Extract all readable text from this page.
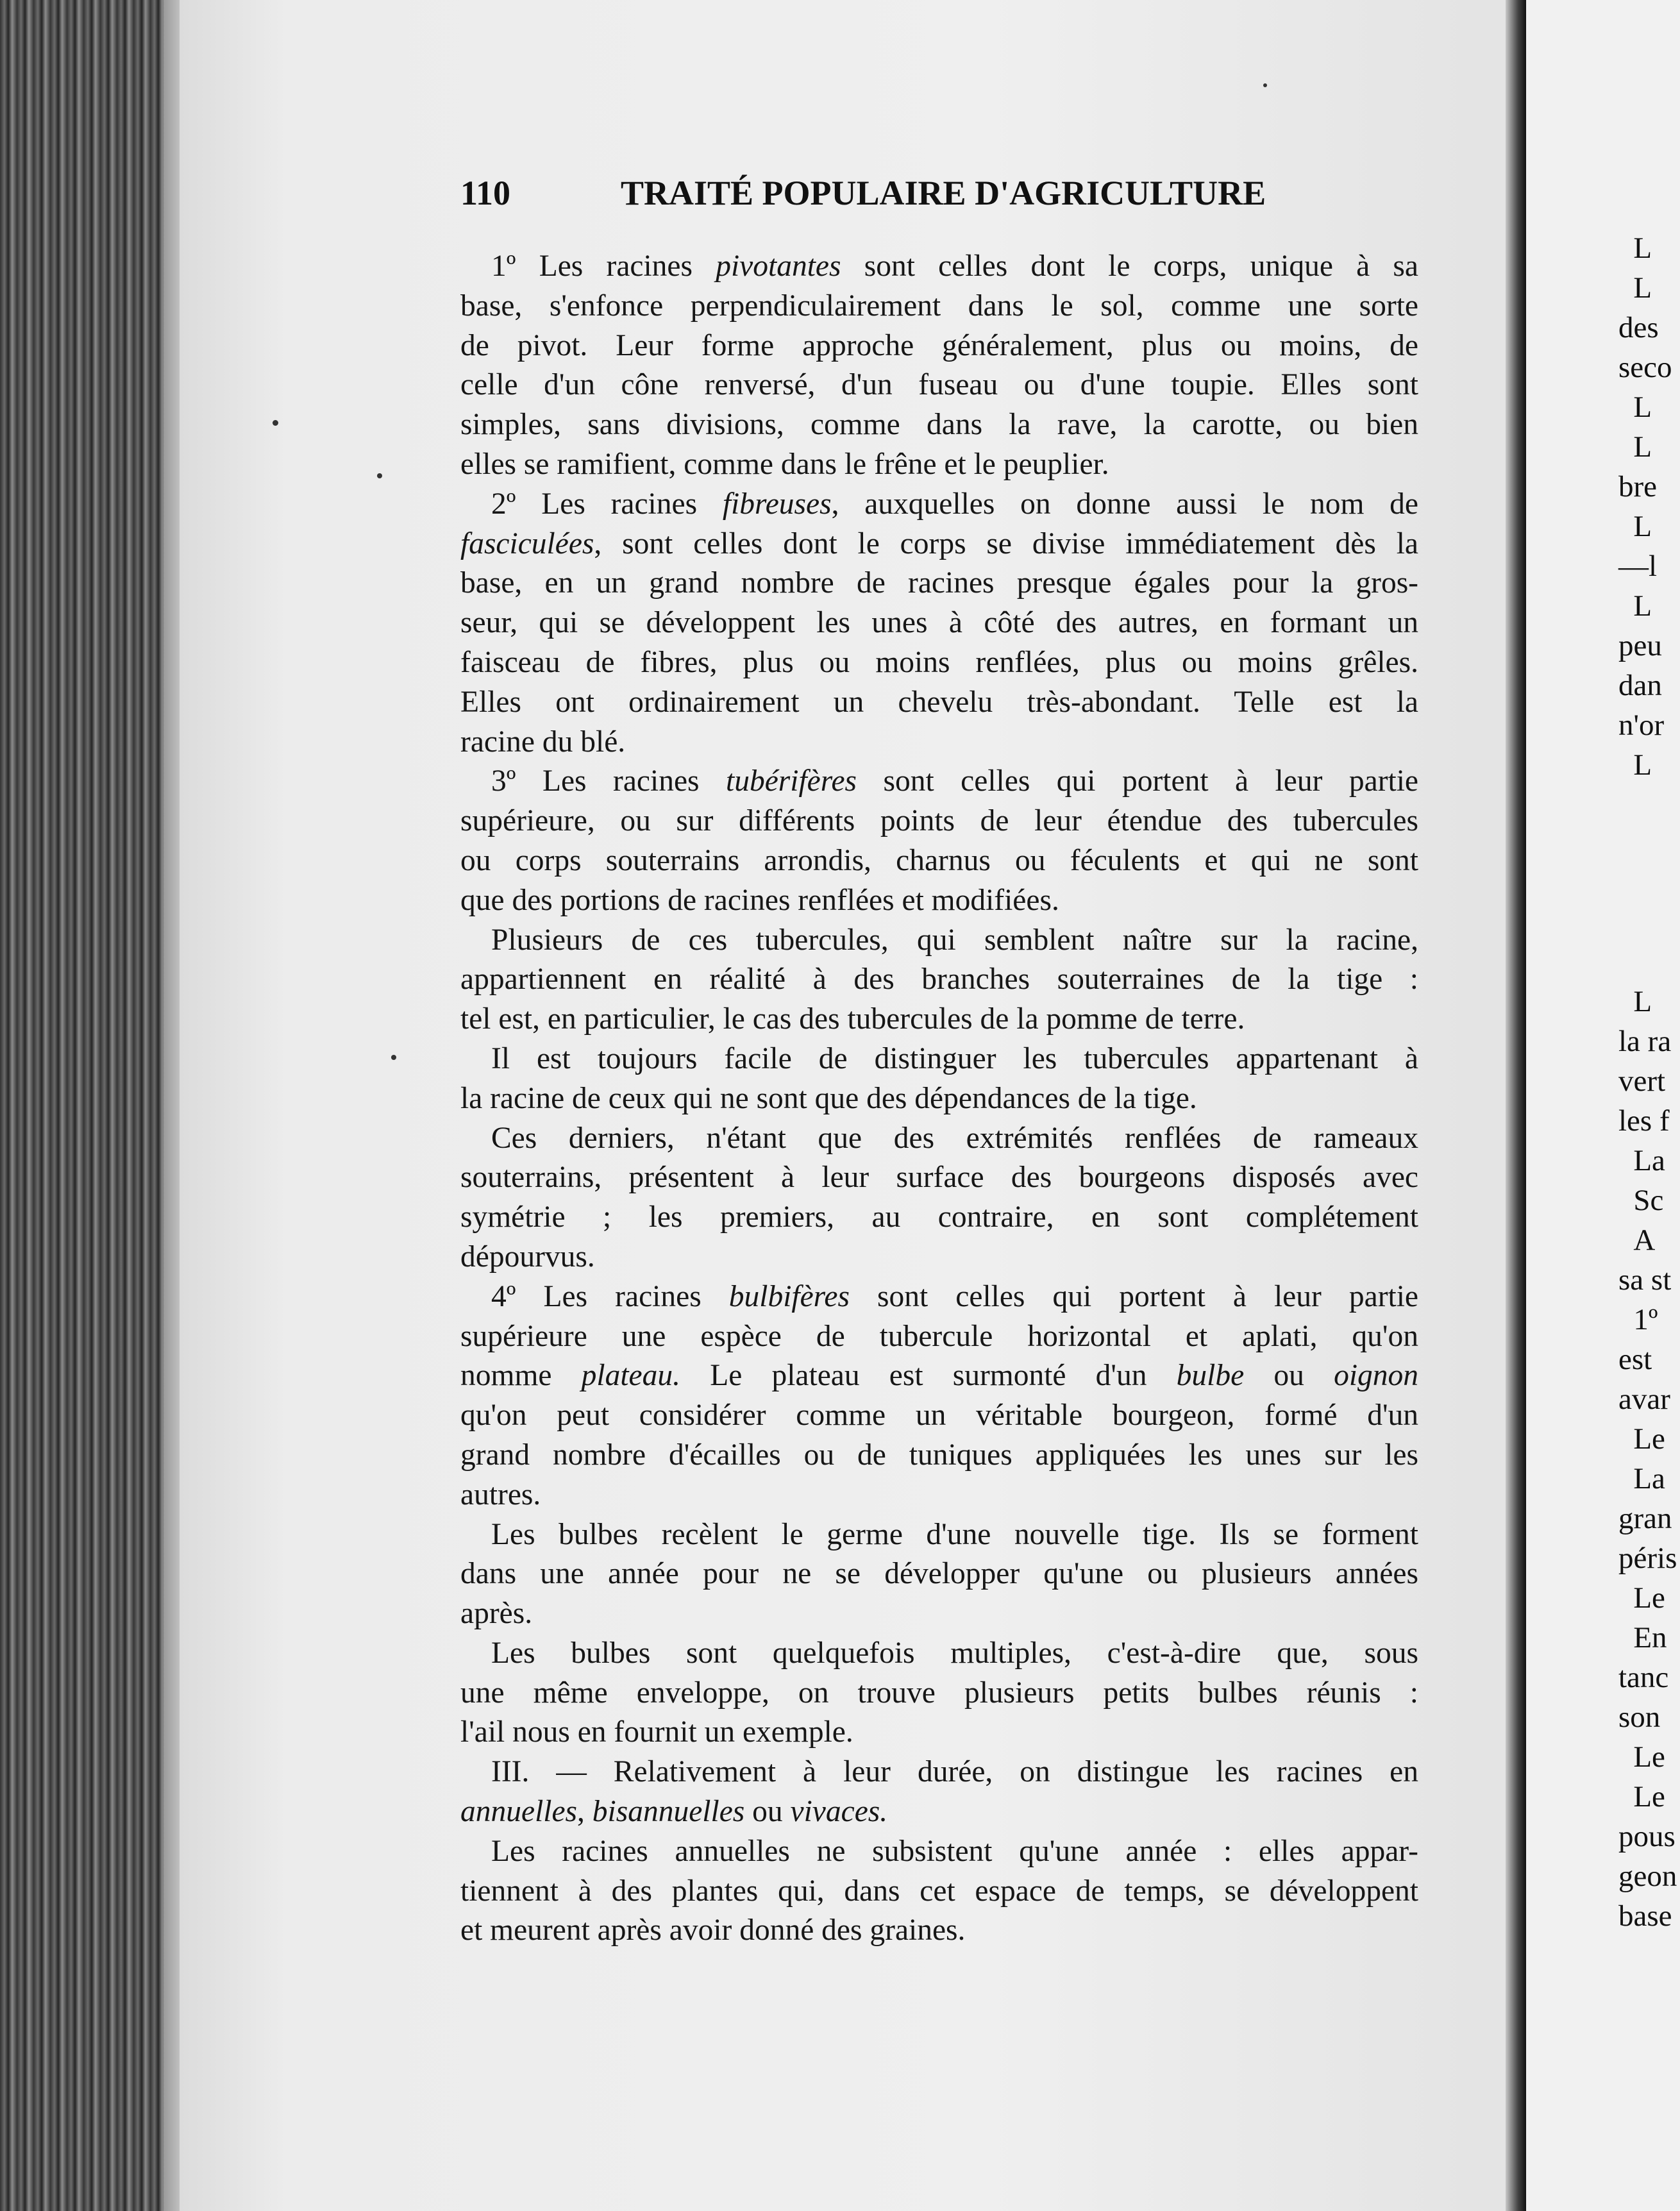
110	TRAITÉ POPULAIRE D'AGRICULTURE
1º Les racines pivotantes sont celles dont le corps, unique à sa
base, s'enfonce perpendiculairement dans le sol, comme une sorte
de pivot. Leur forme approche généralement, plus ou moins, de
celle d'un cône renversé, d'un fuseau ou d'une toupie. Elles sont
simples, sans divisions, comme dans la rave, la carotte, ou bien
elles se ramifient, comme dans le frêne et le peuplier.
2º Les racines fibreuses, auxquelles on donne aussi le nom de
fasciculées, sont celles dont le corps se divise immédiatement dès la
base, en un grand nombre de racines presque égales pour la gros-
seur, qui se développent les unes à côté des autres, en formant un
faisceau de fibres, plus ou moins renflées, plus ou moins grêles.
Elles ont ordinairement un chevelu très-abondant. Telle est la
racine du blé.
3º Les racines tubérifères sont celles qui portent à leur partie
supérieure, ou sur différents points de leur étendue des tubercules
ou corps souterrains arrondis, charnus ou féculents et qui ne sont
que des portions de racines renflées et modifiées.
Plusieurs de ces tubercules, qui semblent naître sur la racine,
appartiennent en réalité à des branches souterraines de la tige :
tel est, en particulier, le cas des tubercules de la pomme de terre.
Il est toujours facile de distinguer les tubercules appartenant à
la racine de ceux qui ne sont que des dépendances de la tige.
Ces derniers, n'étant que des extrémités renflées de rameaux
souterrains, présentent à leur surface des bourgeons disposés avec
symétrie ; les premiers, au contraire, en sont complétement
dépourvus.
4º Les racines bulbifères sont celles qui portent à leur partie
supérieure une espèce de tubercule horizontal et aplati, qu'on
nomme plateau. Le plateau est surmonté d'un bulbe ou oignon
qu'on peut considérer comme un véritable bourgeon, formé d'un
grand nombre d'écailles ou de tuniques appliquées les unes sur les
autres.
Les bulbes recèlent le germe d'une nouvelle tige. Ils se forment
dans une année pour ne se développer qu'une ou plusieurs années
après.
Les bulbes sont quelquefois multiples, c'est-à-dire que, sous
une même enveloppe, on trouve plusieurs petits bulbes réunis :
l'ail nous en fournit un exemple.
III. — Relativement à leur durée, on distingue les racines en
annuelles, bisannuelles ou vivaces.
Les racines annuelles ne subsistent qu'une année : elles appar-
tiennent à des plantes qui, dans cet espace de temps, se développent
et meurent après avoir donné des graines.
L
L
des
seco
L
L
bre
L
—l
L
peu
dan
n'or
L
L
la ra
vert
les f
La
Sc
A
sa st
1º
est
avar
Le
La
gran
péris
Le
En
tanc
son
Le
Le
pous
geon
base
